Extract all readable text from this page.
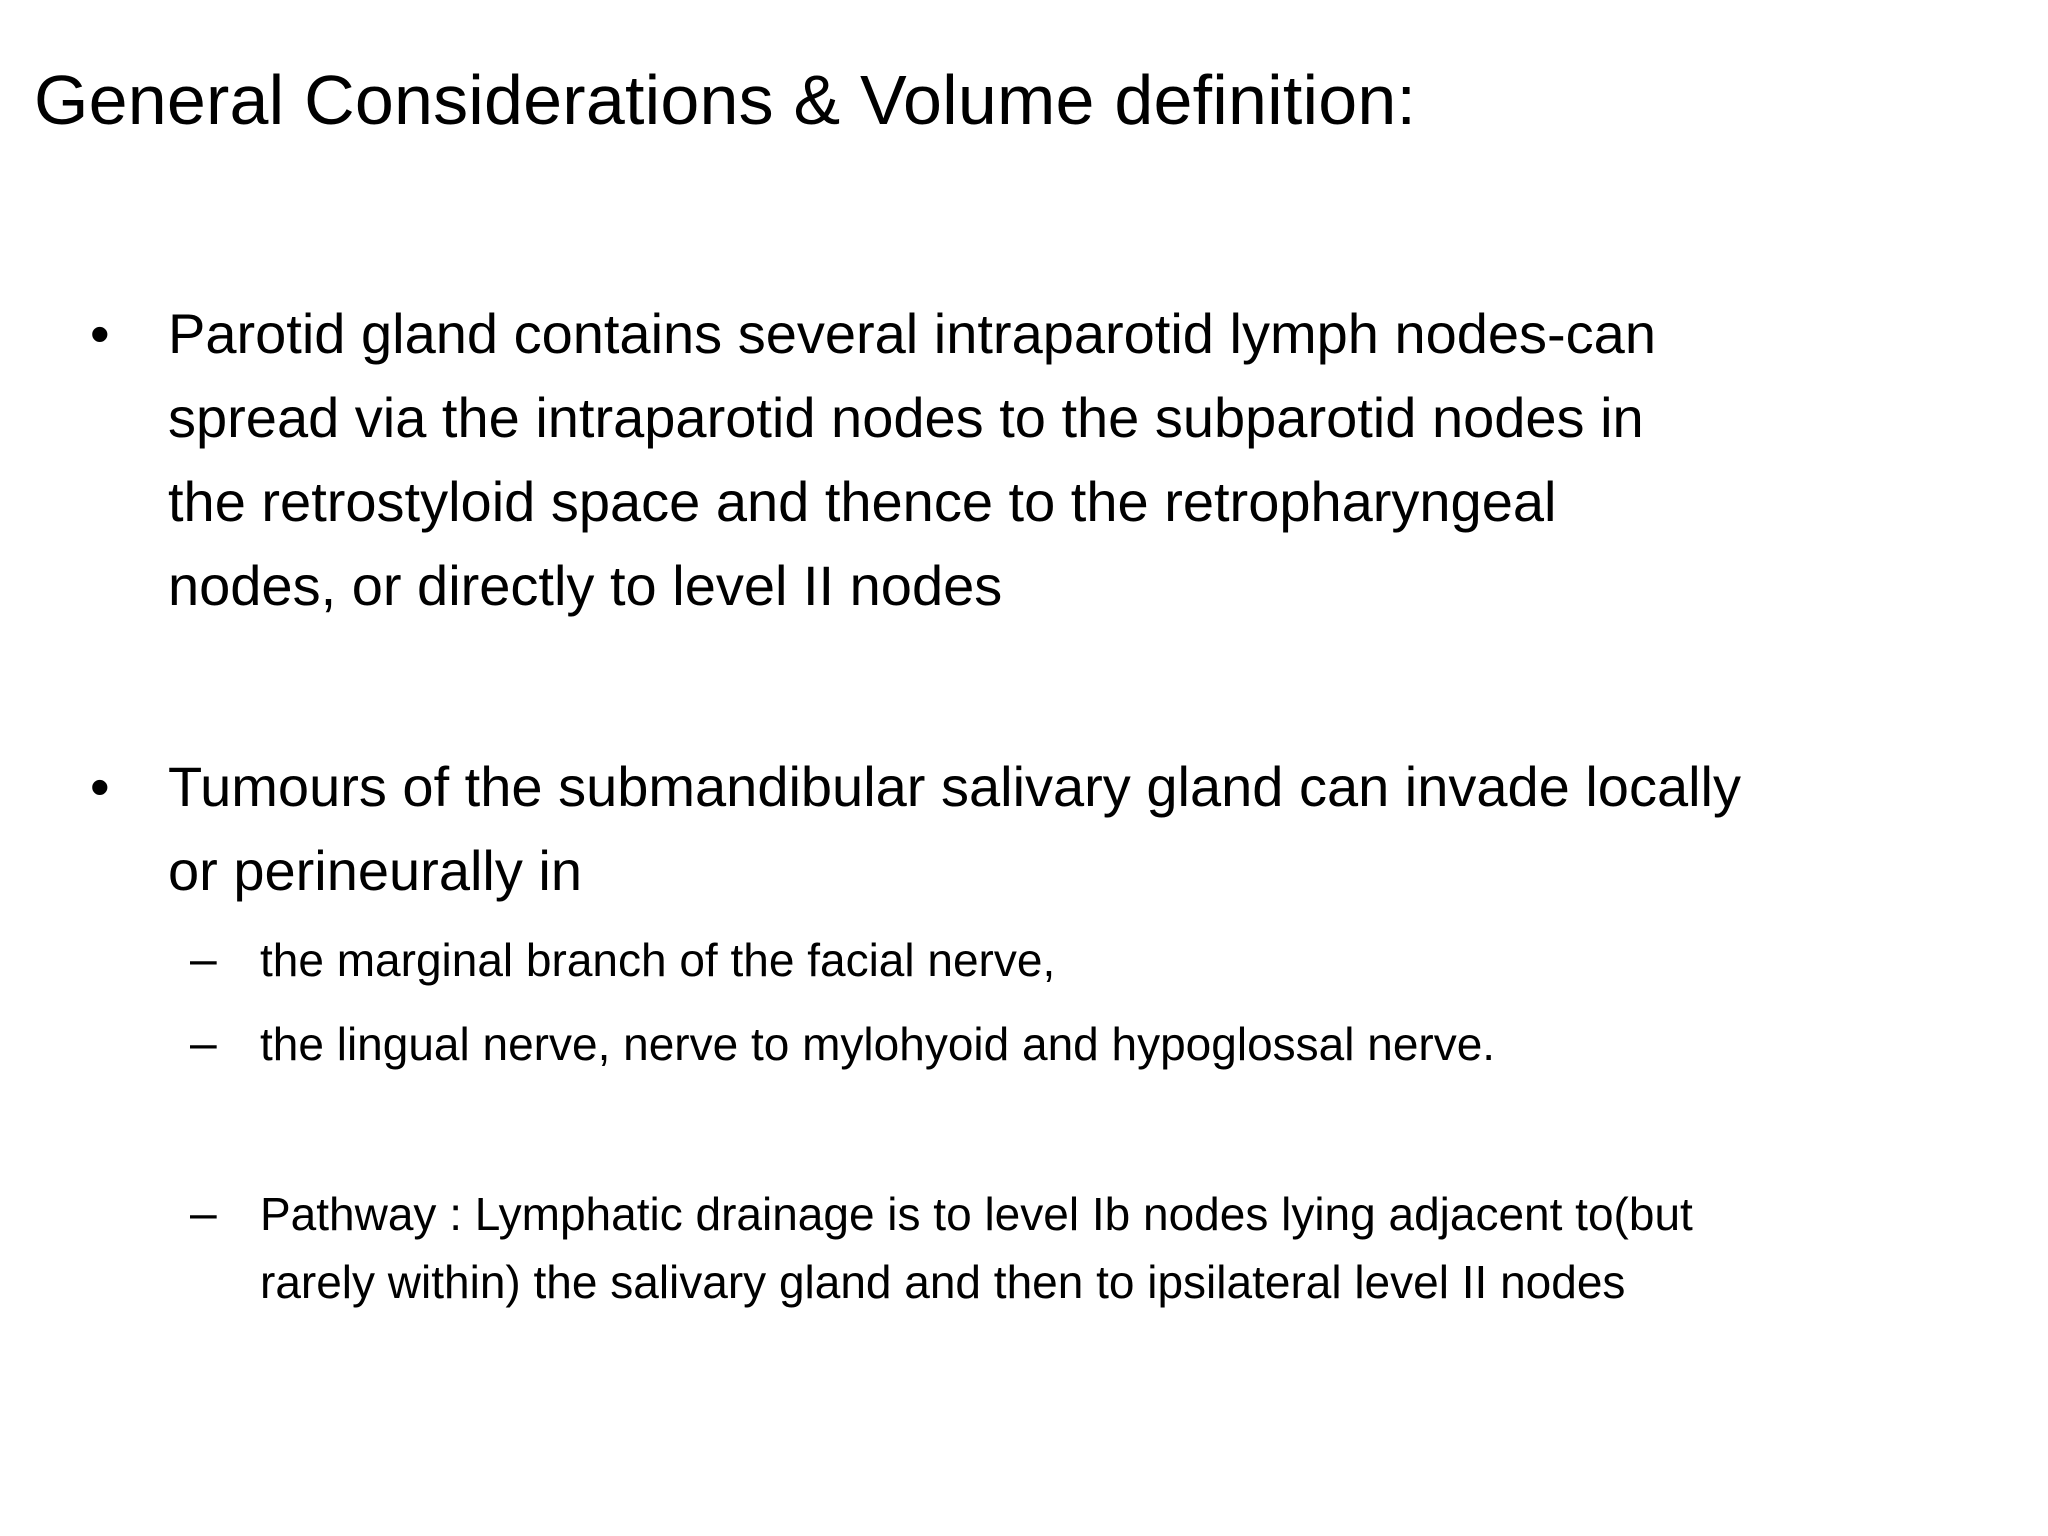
General Considerations & Volume definition:
• Parotid gland contains several intraparotid lymph nodes-can
spread via the intraparotid nodes to the subparotid nodes in
the retrostyloid space and thence to the retropharyngeal
nodes, or directly to level II nodes
• Tumours of the submandibular salivary gland can invade locally
or perineurally in
– the marginal branch of the facial nerve,
– the lingual nerve, nerve to mylohyoid and hypoglossal nerve.
– Pathway : Lymphatic drainage is to level Ib nodes lying adjacent to(but
rarely within) the salivary gland and then to ipsilateral level II nodes
